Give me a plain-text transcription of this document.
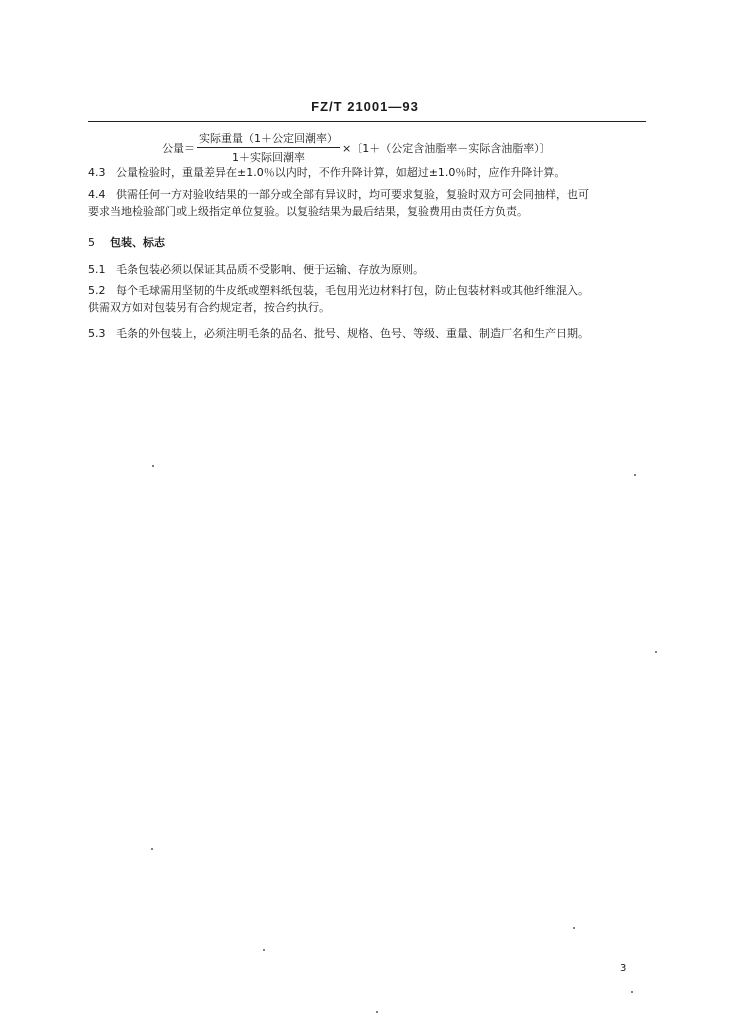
FZ/T 21001—93
公量＝ $\frac{\text{实际重量（1＋公定回潮率）}}{\text{1＋实际回潮率}}$ ×〔1＋（公定含油脂率－实际含油脂率）〕
4.3 公量检验时，重量差异在±1.0％以内时，不作升降计算，如超过±1.0％时，应作升降计算。
4.4 供需任何一方对验收结果的一部分或全部有异议时，均可要求复验，复验时双方可会同抽样，也可
要求当地检验部门或上级指定单位复验。以复验结果为最后结果，复验费用由责任方负责。
5 包装、标志
5.1 毛条包装必须以保证其品质不受影响、便于运输、存放为原则。
5.2 每个毛球需用坚韧的牛皮纸或塑料纸包装，毛包用光边材料打包，防止包装材料或其他纤维混入。
供需双方如对包装另有合约规定者，按合约执行。
5.3 毛条的外包装上，必须注明毛条的品名、批号、规格、色号、等级、重量、制造厂名和生产日期。
3
